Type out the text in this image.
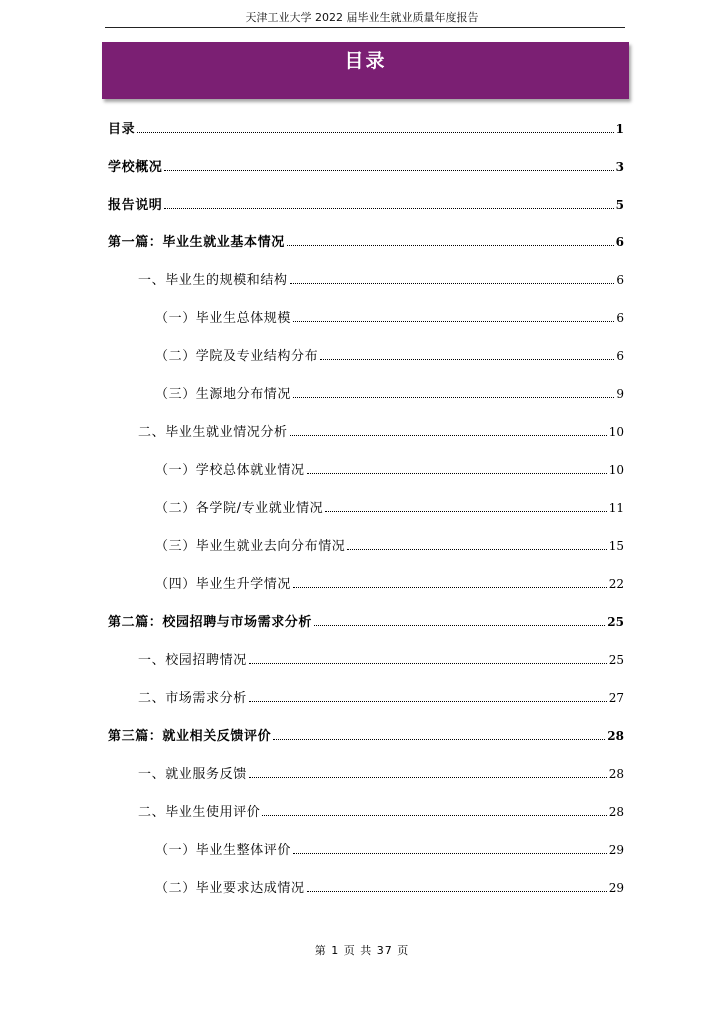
天津工业大学 2022 届毕业生就业质量年度报告
目录
目录	1
学校概况	3
报告说明	5
第一篇：毕业生就业基本情况	6
一、毕业生的规模和结构	6
（一）毕业生总体规模	6
（二）学院及专业结构分布	6
（三）生源地分布情况	9
二、毕业生就业情况分析	10
（一）学校总体就业情况	10
（二）各学院/专业就业情况	11
（三）毕业生就业去向分布情况	15
（四）毕业生升学情况	22
第二篇：校园招聘与市场需求分析	25
一、校园招聘情况	25
二、市场需求分析	27
第三篇：就业相关反馈评价	28
一、就业服务反馈	28
二、毕业生使用评价	28
（一）毕业生整体评价	29
（二）毕业要求达成情况	29
第 1 页 共 37 页
